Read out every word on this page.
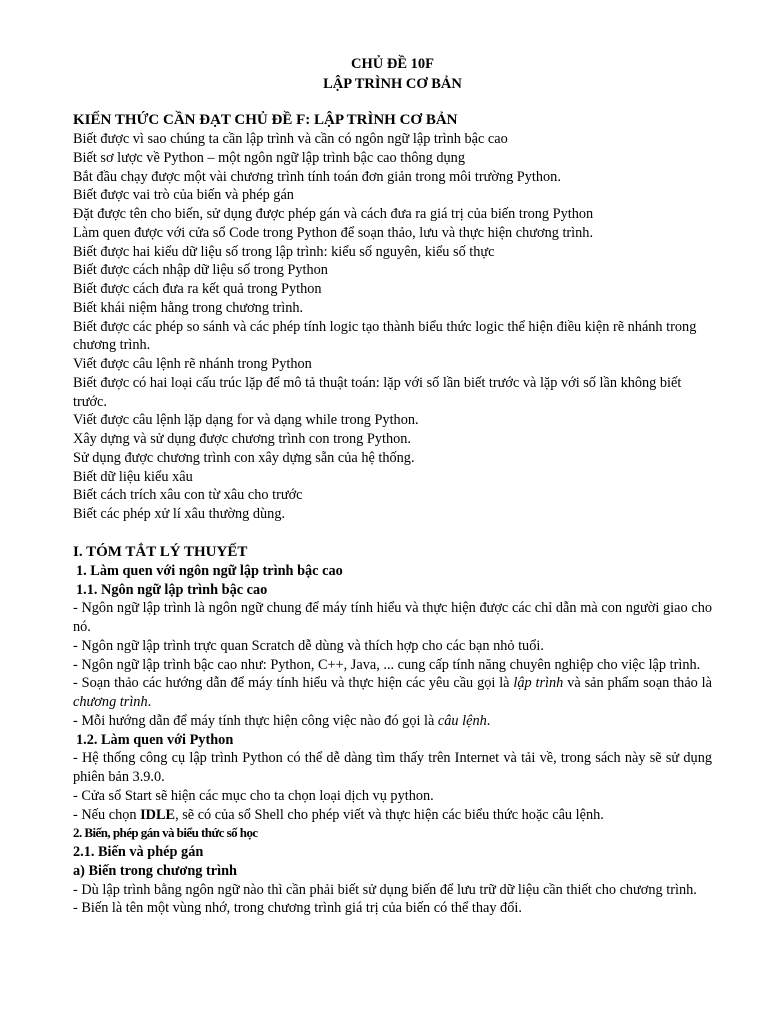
CHỦ ĐỀ 10F
LẬP TRÌNH CƠ BẢN
KIẾN THỨC CẦN ĐẠT CHỦ ĐỀ F: LẬP TRÌNH CƠ BẢN
Biết được vì sao chúng ta cần lập trình và cần có ngôn ngữ lập trình bậc cao
Biết sơ lược về Python – một ngôn ngữ lập trình bậc cao thông dụng
Bắt đầu chạy được một vài chương trình tính toán đơn giản trong môi trường Python.
Biết được vai trò của biến và phép gán
Đặt được tên cho biến, sử dụng được phép gán và cách đưa ra giá trị của biến trong Python
Làm quen được với cửa sổ Code trong Python để soạn thảo, lưu và thực hiện chương trình.
Biết được hai kiểu dữ liệu số trong lập trình: kiểu số nguyên, kiểu số thực
Biết được cách nhập dữ liệu số trong Python
Biết được cách đưa ra kết quả trong Python
Biết khái niệm hằng trong chương trình.
Biết được các phép so sánh và các phép tính logic tạo thành biểu thức logic thể hiện điều kiện rẽ nhánh trong chương trình.
Viết được câu lệnh rẽ nhánh trong Python
Biết được có hai loại cấu trúc lặp để mô tả thuật toán: lặp với số lần biết trước và lặp với số lần không biết trước.
Viết được câu lệnh lặp dạng for và dạng while trong Python.
Xây dựng và sử dụng được chương trình con trong Python.
Sử dụng được chương trình con xây dựng sẵn của hệ thống.
Biết dữ liệu kiểu xâu
Biết cách trích xâu con từ xâu cho trước
Biết các phép xử lí xâu thường dùng.
I. TÓM TẮT LÝ THUYẾT
1. Làm quen với ngôn ngữ lập trình bậc cao
1.1. Ngôn ngữ lập trình bậc cao
- Ngôn ngữ lập trình là ngôn ngữ chung để máy tính hiểu và thực hiện được các chỉ dẫn mà con người giao cho nó.
- Ngôn ngữ lập trình trực quan Scratch dễ dùng và thích hợp cho các bạn nhỏ tuổi.
- Ngôn ngữ lập trình bậc cao như: Python, C++, Java, ... cung cấp tính năng chuyên nghiệp cho việc lập trình.
- Soạn thảo các hướng dẫn để máy tính hiểu và thực hiện các yêu cầu gọi là lập trình và sản phẩm soạn thảo là chương trình.
- Mỗi hướng dẫn để máy tính thực hiện công việc nào đó gọi là câu lệnh.
1.2. Làm quen với Python
- Hệ thống công cụ lập trình Python có thể dễ dàng tìm thấy trên Internet và tải về, trong sách này sẽ sử dụng phiên bản 3.9.0.
- Cửa sổ Start sẽ hiện các mục cho ta chọn loại dịch vụ python.
- Nếu chọn IDLE, sẽ có của sổ Shell cho phép viết và thực hiện các biểu thức hoặc câu lệnh.
2. Biến, phép gán và biểu thức số học
2.1. Biến và phép gán
a) Biến trong chương trình
- Dù lập trình bằng ngôn ngữ nào thì cần phải biết sử dụng biến để lưu trữ dữ liệu cần thiết cho chương trình.
- Biến là tên một vùng nhớ, trong chương trình giá trị của biến có thể thay đổi.
